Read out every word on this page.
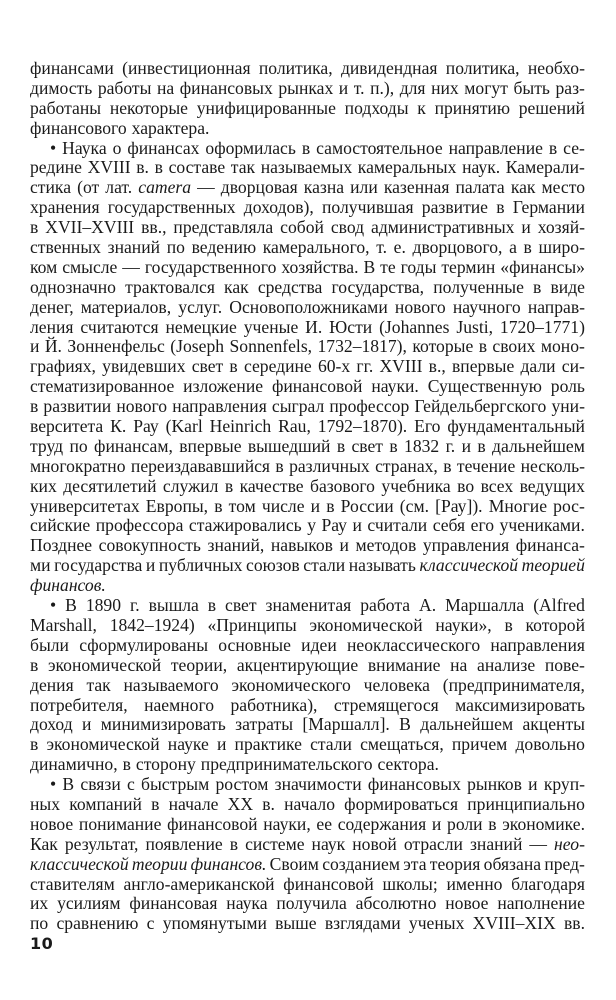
финансами (инвестиционная политика, дивидендная политика, необхо-
димость работы на финансовых рынках и т. п.), для них могут быть раз-
работаны некоторые унифицированные подходы к принятию решений
финансового характера.
• Наука о финансах оформилась в самостоятельное направление в се-
редине XVIII в. в составе так называемых камеральных наук. Камерали-
стика (от лат. camera — дворцовая казна или казенная палата как место
хранения государственных доходов), получившая развитие в Германии
в XVII–XVIII вв., представляла собой свод административных и хозяй-
ственных знаний по ведению камерального, т. е. дворцового, а в широ-
ком смысле — государственного хозяйства. В те годы термин «финансы»
однозначно трактовался как средства государства, полученные в виде
денег, материалов, услуг. Основоположниками нового научного направ-
ления считаются немецкие ученые И. Юсти (Johannes Justi, 1720–1771)
и Й. Зонненфельс (Joseph Sonnenfels, 1732–1817), которые в своих моно-
графиях, увидевших свет в середине 60-х гг. XVIII в., впервые дали си-
стематизированное изложение финансовой науки. Существенную роль
в развитии нового направления сыграл профессор Гейдельбергского уни-
верситета К. Рау (Karl Heinrich Rau, 1792–1870). Его фундаментальный
труд по финансам, впервые вышедший в свет в 1832 г. и в дальнейшем
многократно переиздававшийся в различных странах, в течение несколь-
ких десятилетий служил в качестве базового учебника во всех ведущих
университетах Европы, в том числе и в России (см. [Рау]). Многие рос-
сийские профессора стажировались у Рау и считали себя его учениками.
Позднее совокупность знаний, навыков и методов управления финанса-
ми государства и публичных союзов стали называть классической теорией
финансов.
• В 1890 г. вышла в свет знаменитая работа А. Маршалла (Alfred
Marshall, 1842–1924) «Принципы экономической науки», в которой
были сформулированы основные идеи неоклассического направления
в экономической теории, акцентирующие внимание на анализе пове-
дения так называемого экономического человека (предпринимателя,
потребителя, наемного работника), стремящегося максимизировать
доход и минимизировать затраты [Маршалл]. В дальнейшем акценты
в экономической науке и практике стали смещаться, причем довольно
динамично, в сторону предпринимательского сектора.
• В связи с быстрым ростом значимости финансовых рынков и круп-
ных компаний в начале XX в. начало формироваться принципиально
новое понимание финансовой науки, ее содержания и роли в экономике.
Как результат, появление в системе наук новой отрасли знаний — нео-
классической теории финансов. Своим созданием эта теория обязана пред-
ставителям англо-американской финансовой школы; именно благодаря
их усилиям финансовая наука получила абсолютно новое наполнение
по сравнению с упомянутыми выше взглядами ученых XVIII–XIX вв.
10
